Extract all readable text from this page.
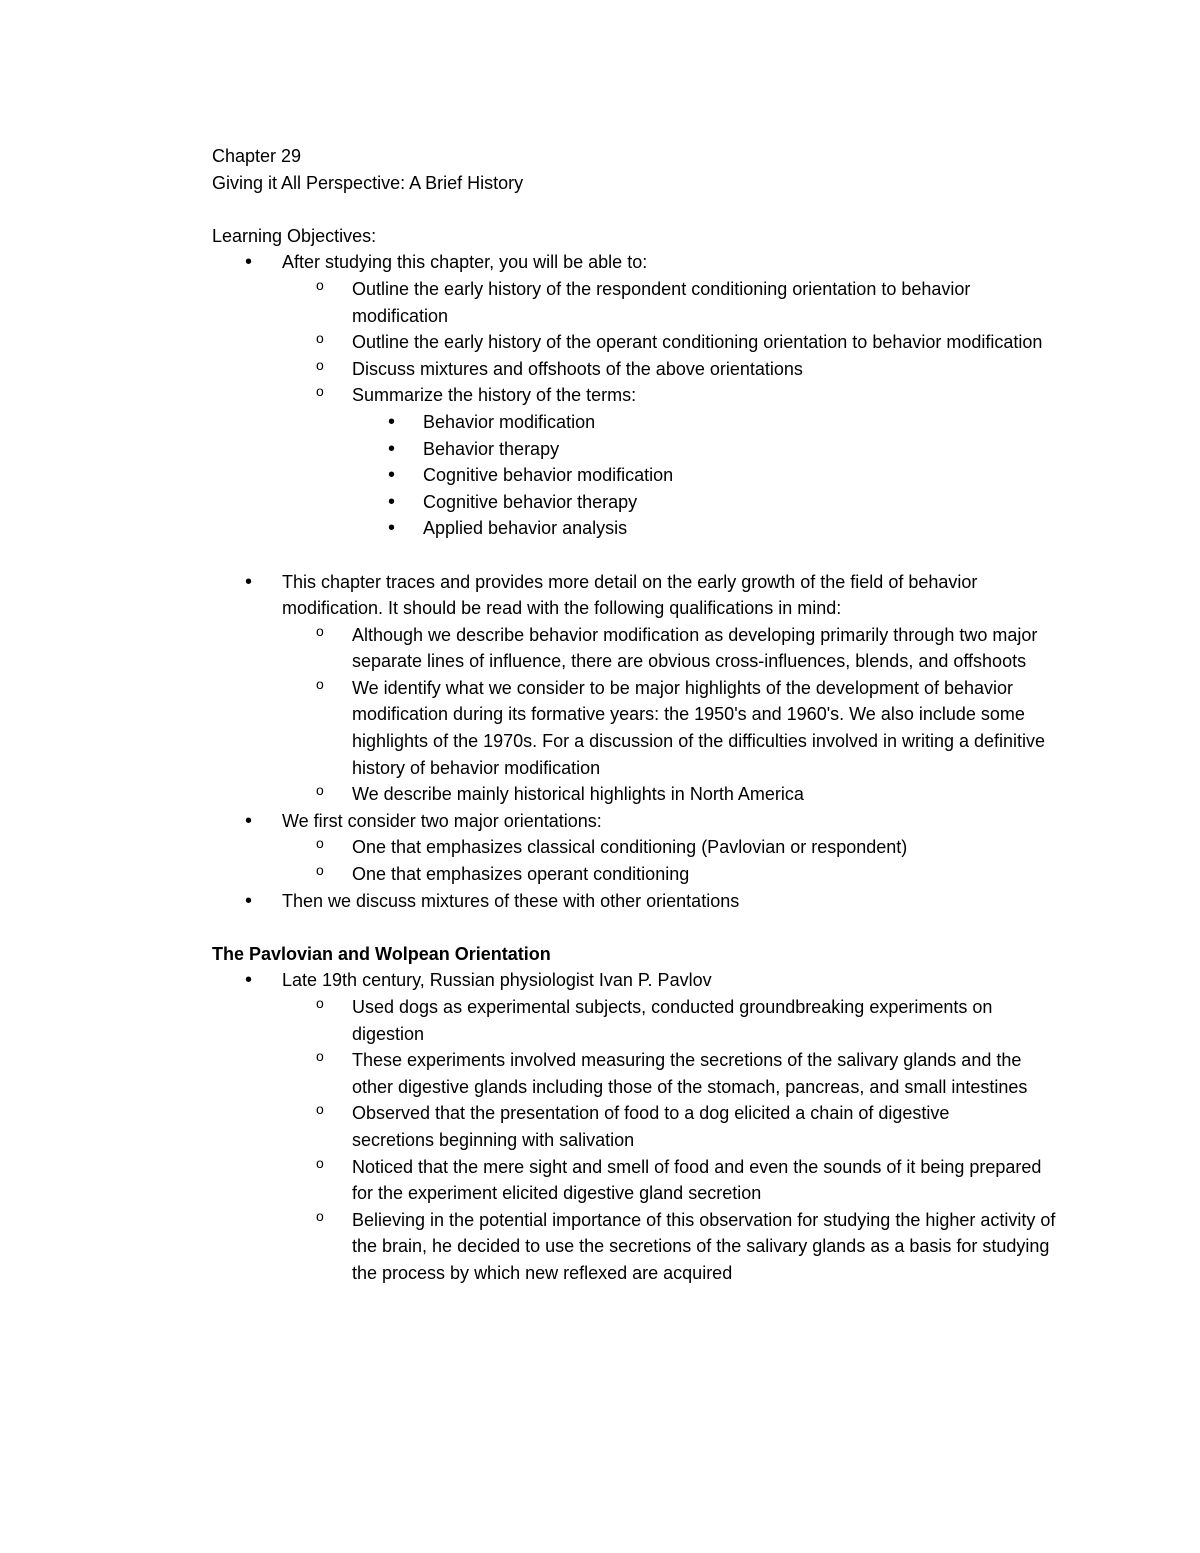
Chapter 29

Giving it All Perspective: A Brief History

Learning Objectives:

• After studying this chapter, you will be able to:
o Outline the early history of the respondent conditioning orientation to behavior modification
o Outline the early history of the operant conditioning orientation to behavior modification
o Discuss mixtures and offshoots of the above orientations
o Summarize the history of the terms:
• Behavior modification
• Behavior therapy
• Cognitive behavior modification
• Cognitive behavior therapy
• Applied behavior analysis
• This chapter traces and provides more detail on the early growth of the field of behavior modification. It should be read with the following qualifications in mind:
o Although we describe behavior modification as developing primarily through two major separate lines of influence, there are obvious cross-influences, blends, and offshoots
o We identify what we consider to be major highlights of the development of behavior modification during its formative years: the 1950's and 1960's. We also include some highlights of the 1970s. For a discussion of the difficulties involved in writing a definitive history of behavior modification
o We describe mainly historical highlights in North America
• We first consider two major orientations:
o One that emphasizes classical conditioning (Pavlovian or respondent)
o One that emphasizes operant conditioning
• Then we discuss mixtures of these with other orientations

The Pavlovian and Wolpean Orientation

• Late 19th century, Russian physiologist Ivan P. Pavlov
o Used dogs as experimental subjects, conducted groundbreaking experiments on digestion
o These experiments involved measuring the secretions of the salivary glands and the other digestive glands including those of the stomach, pancreas, and small intestines
o Observed that the presentation of food to a dog elicited a chain of digestive secretions beginning with salivation
o Noticed that the mere sight and smell of food and even the sounds of it being prepared for the experiment elicited digestive gland secretion
o Believing in the potential importance of this observation for studying the higher activity of the brain, he decided to use the secretions of the salivary glands as a basis for studying the process by which new reflexed are acquired
